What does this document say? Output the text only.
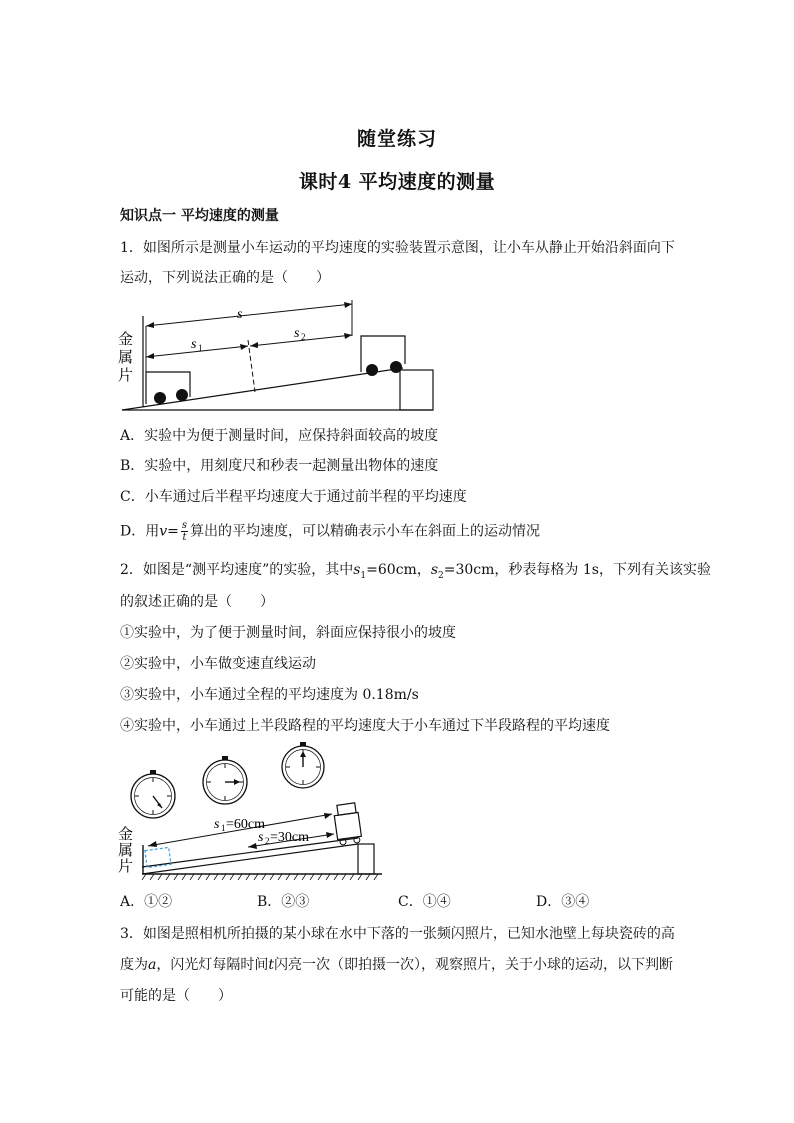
随堂练习
课时4 平均速度的测量
知识点一 平均速度的测量
1．如图所示是测量小车运动的平均速度的实验装置示意图，让小车从静止开始沿斜面向下
运动，下列说法正确的是（　　）
金
属
片
s
s 1
s 2
A．实验中为便于测量时间，应保持斜面较高的坡度
B．实验中，用刻度尺和秒表一起测量出物体的速度
C．小车通过后半程平均速度大于通过前半程的平均速度
D．用$v= \frac{s}{t}$ 算出的平均速度，可以精确表示小车在斜面上的运动情况
2．如图是“测平均速度”的实验，其中$s_1=60cm$，$s_2=30cm$，秒表每格为 1s，下列有关该实验
的叙述正确的是（　　）
①实验中，为了便于测量时间，斜面应保持很小的坡度
②实验中，小车做变速直线运动
③实验中，小车通过全程的平均速度为 0.18m/s
④实验中，小车通过上半段路程的平均速度大于小车通过下半段路程的平均速度
金
属
片
s 1 =60cm
s 2 =30cm
A．①②	B．②③	C．①④	D．③④
3．如图是照相机所拍摄的某小球在水中下落的一张频闪照片，已知水池壁上每块瓷砖的高
度为a，闪光灯每隔时间t闪亮一次（即拍摄一次），观察照片，关于小球的运动，以下判断
可能的是（　　）
